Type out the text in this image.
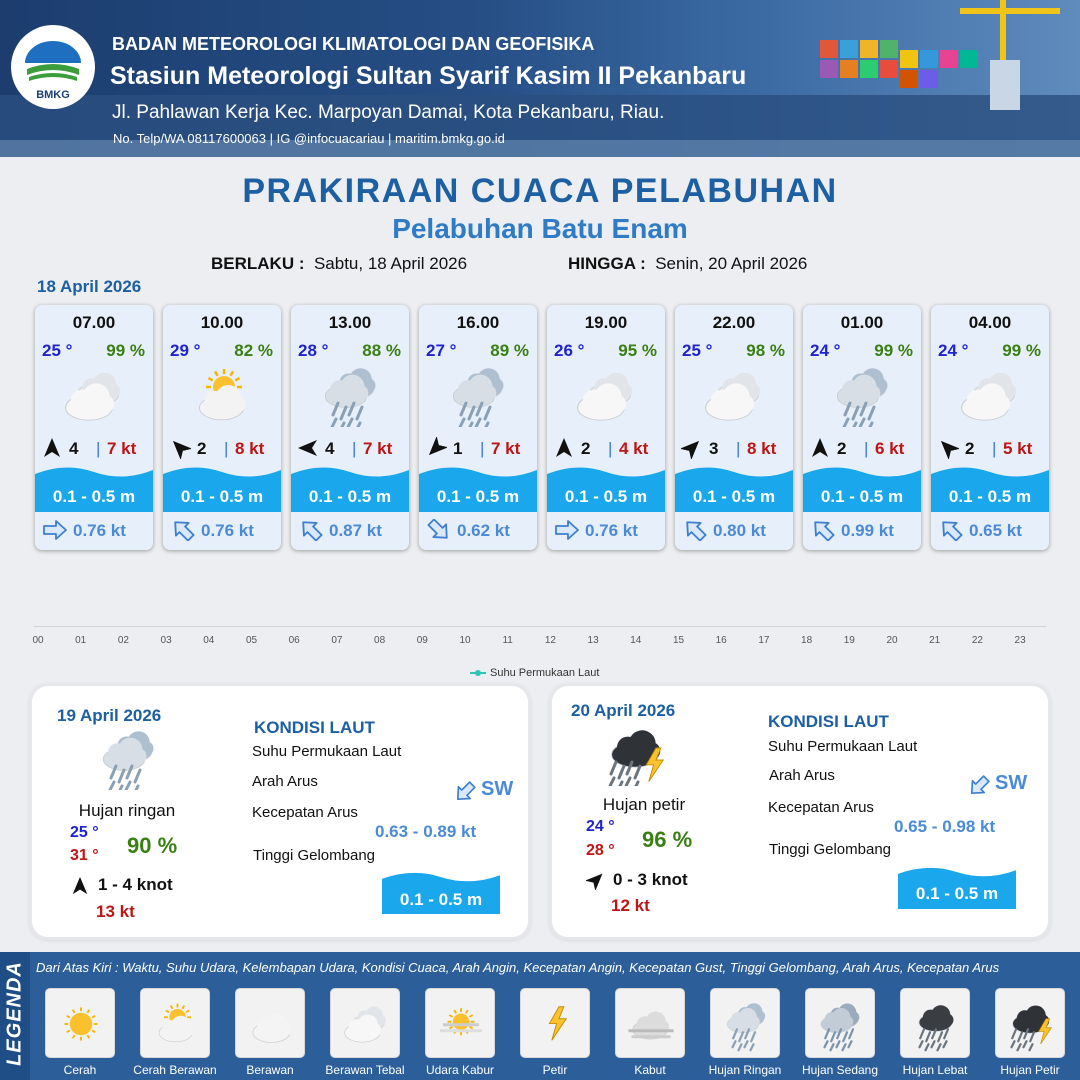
BMKG
BADAN METEOROLOGI KLIMATOLOGI DAN GEOFISIKA
Stasiun Meteorologi Sultan Syarif Kasim II Pekanbaru
Jl. Pahlawan Kerja Kec. Marpoyan Damai, Kota Pekanbaru, Riau.
No. Telp/WA 08117600063 | IG @infocuacariau | maritim.bmkg.go.id
PRAKIRAAN CUACA PELABUHAN
Pelabuhan Batu Enam
BERLAKU : Sabtu, 18 April 2026	HINGGA : Senin, 20 April 2026
18 April 2026
07.00
25 ° 99 %
4 | 7 kt
0.1 - 0.5 m
0.76 kt
10.00
29 ° 82 %
2 | 8 kt
0.1 - 0.5 m
0.76 kt
13.00
28 ° 88 %
4 | 7 kt
0.1 - 0.5 m
0.87 kt
16.00
27 ° 89 %
1 | 7 kt
0.1 - 0.5 m
0.62 kt
19.00
26 ° 95 %
2 | 4 kt
0.1 - 0.5 m
0.76 kt
22.00
25 ° 98 %
3 | 8 kt
0.1 - 0.5 m
0.80 kt
01.00
24 ° 99 %
2 | 6 kt
0.1 - 0.5 m
0.99 kt
04.00
24 ° 99 %
2 | 5 kt
0.1 - 0.5 m
0.65 kt
00	01	02	03	04	05	06	07	08	09	10	11	12	13	14	15	16	17	18	19	20	21	22	23
Suhu Permukaan Laut
19 April 2026
Hujan ringan
25 °
31 ° 90 %
1 - 4 knot
13 kt
KONDISI LAUT
Suhu Permukaan Laut
Arah Arus	SW
Kecepatan Arus
0.63 - 0.89 kt
Tinggi Gelombang
0.1 - 0.5 m
20 April 2026
Hujan petir
24 °
28 ° 96 %
0 - 3 knot
12 kt
KONDISI LAUT
Suhu Permukaan Laut
Arah Arus	SW
Kecepatan Arus
0.65 - 0.98 kt
Tinggi Gelombang
0.1 - 0.5 m
LEGENDA Dari Atas Kiri : Waktu, Suhu Udara, Kelembapan Udara, Kondisi Cuaca, Arah Angin, Kecepatan Angin, Kecepatan Gust, Tinggi Gelombang, Arah Arus, Kecepatan Arus
Cerah	Cerah Berawan	Berawan	Berawan Tebal	Udara Kabur	Petir	Kabut	Hujan Ringan	Hujan Sedang	Hujan Lebat	Hujan Petir
